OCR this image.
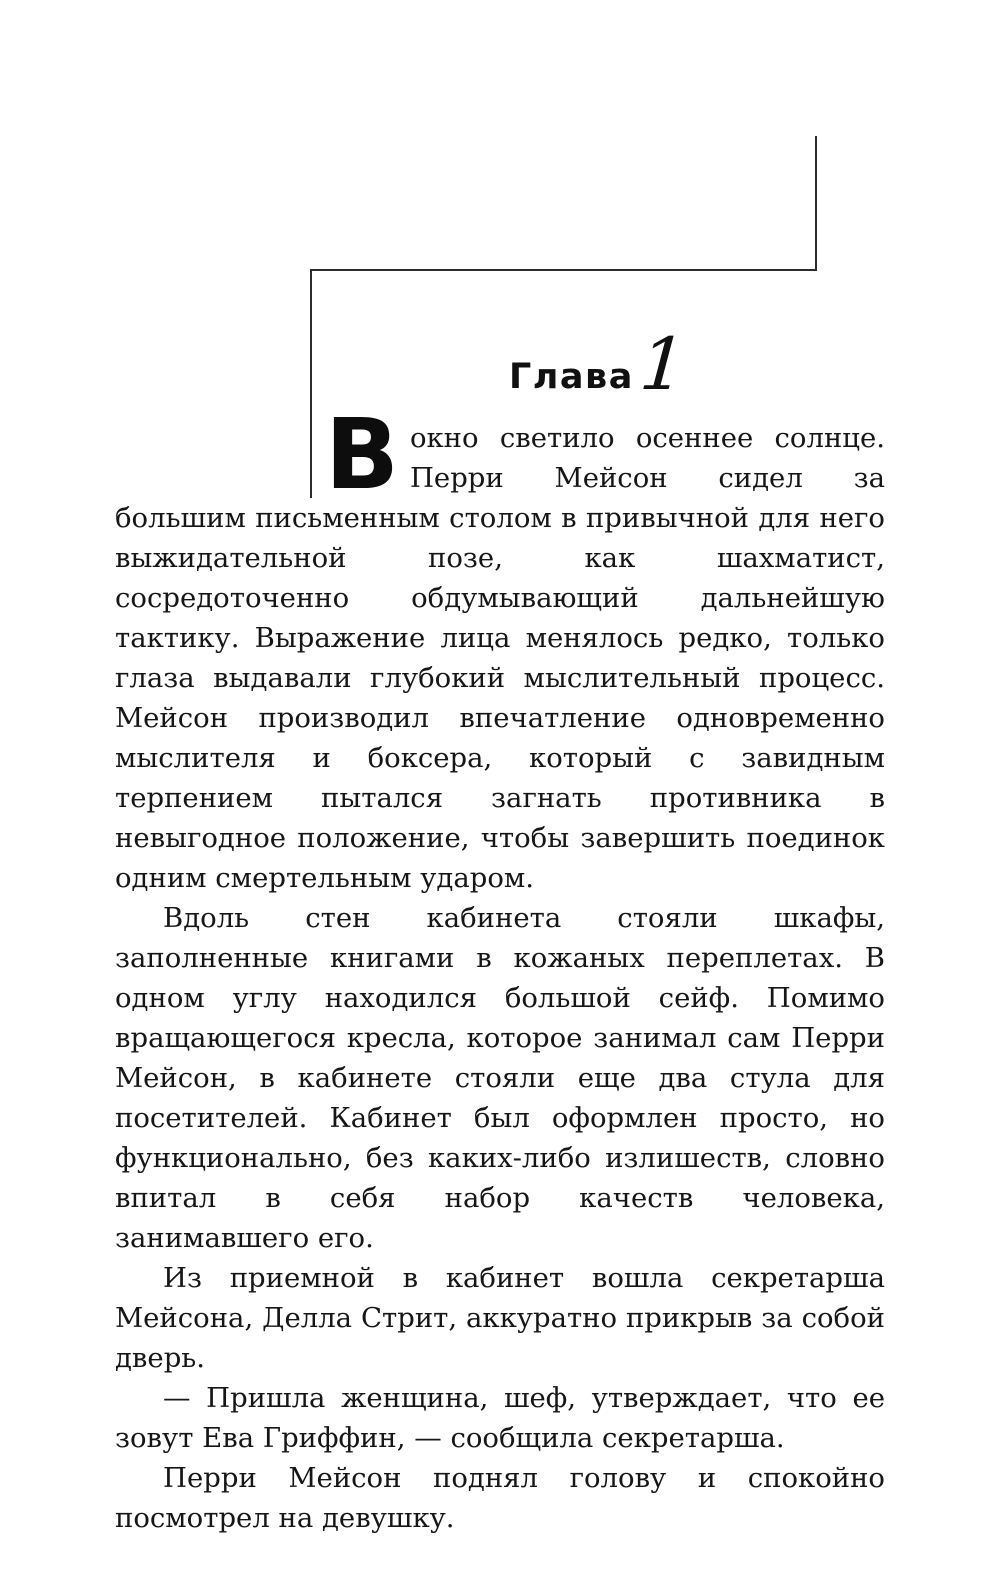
Глава 1

Вокно светило осеннее солнце. Перри Мейсон сидел за большим письменным столом в привычной для него выжидательной позе, как шахматист, сосредоточенно обдумывающий дальнейшую тактику. Выражение лица менялось редко, только глаза выдавали глубокий мыслительный процесс. Мейсон производил впечатление одновременно мыслителя и боксера, который с завидным терпением пытался загнать противника в невыгодное положение, чтобы завершить поединок одним смертельным ударом.

Вдоль стен кабинета стояли шкафы, заполненные книгами в кожаных переплетах. В одном углу находился большой сейф. Помимо вращающегося кресла, которое занимал сам Перри Мейсон, в кабинете стояли еще два стула для посетителей. Кабинет был оформлен просто, но функционально, без каких-либо излишеств, словно впитал в себя набор качеств человека, занимавшего его.

Из приемной в кабинет вошла секретарша Мейсона, Делла Стрит, аккуратно прикрыв за собой дверь.

— Пришла женщина, шеф, утверждает, что ее зовут Ева Гриффин, — сообщила секретарша.

Перри Мейсон поднял голову и спокойно посмотрел на девушку.
